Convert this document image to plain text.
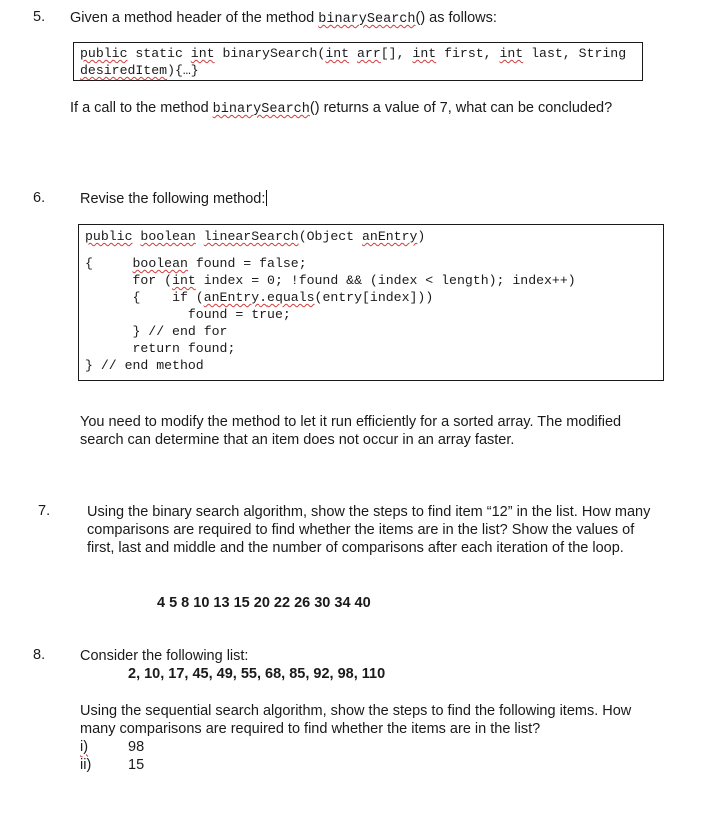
5. Given a method header of the method binarySearch() as follows:
public static int binarySearch(int arr[], int first, int last, String
desiredItem){…}
If a call to the method binarySearch() returns a value of 7, what can be concluded?
6. Revise the following method:
public boolean linearSearch(Object anEntry)
{	boolean found = false;
for (int index = 0; !found && (index < length); index++)
{ if (anEntry.equals(entry[index]))
found = true;
} // end for
return found;
} // end method
You need to modify the method to let it run efficiently for a sorted array. The modified search can determine that an item does not occur in an array faster.
7.	Using the binary search algorithm, show the steps to find item “12” in the list. How many comparisons are required to find whether the items are in the list? Show the values of first, last and middle and the number of comparisons after each iteration of the loop.
4 5 8 10 13 15 20 22 26 30 34 40
8. Consider the following list:
2, 10, 17, 45, 49, 55, 68, 85, 92, 98, 110
Using the sequential search algorithm, show the steps to find the following items. How many comparisons are required to find whether the items are in the list?
i)	98
ii)	15
